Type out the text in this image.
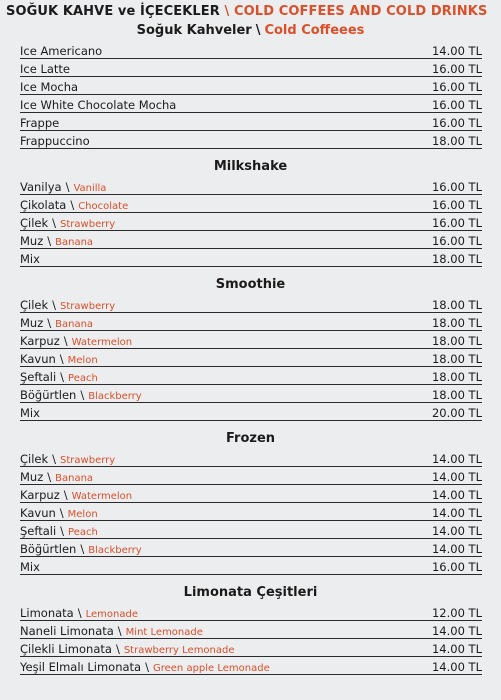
SOĞUK KAHVE ve İÇECEKLER \ COLD COFFEES AND COLD DRINKS
Soğuk Kahveler \ Cold Coffeees
Ice Americano	14.00 TL
Ice Latte	16.00 TL
Ice Mocha	16.00 TL
Ice White Chocolate Mocha	16.00 TL
Frappe	16.00 TL
Frappuccino	18.00 TL
Milkshake
Vanilya \ Vanilla	16.00 TL
Çikolata \ Chocolate	16.00 TL
Çilek \ Strawberry	16.00 TL
Muz \ Banana	16.00 TL
Mix	18.00 TL
Smoothie
Çilek \ Strawberry	18.00 TL
Muz \ Banana	18.00 TL
Karpuz \ Watermelon	18.00 TL
Kavun \ Melon	18.00 TL
Şeftali \ Peach	18.00 TL
Böğürtlen \ Blackberry	18.00 TL
Mix	20.00 TL
Frozen
Çilek \ Strawberry	14.00 TL
Muz \ Banana	14.00 TL
Karpuz \ Watermelon	14.00 TL
Kavun \ Melon	14.00 TL
Şeftali \ Peach	14.00 TL
Böğürtlen \ Blackberry	14.00 TL
Mix	16.00 TL
Limonata Çeşitleri
Limonata \ Lemonade	12.00 TL
Naneli Limonata \ Mint Lemonade	14.00 TL
Çilekli Limonata \ Strawberry Lemonade	14.00 TL
Yeşil Elmalı Limonata \ Green apple Lemonade	14.00 TL
